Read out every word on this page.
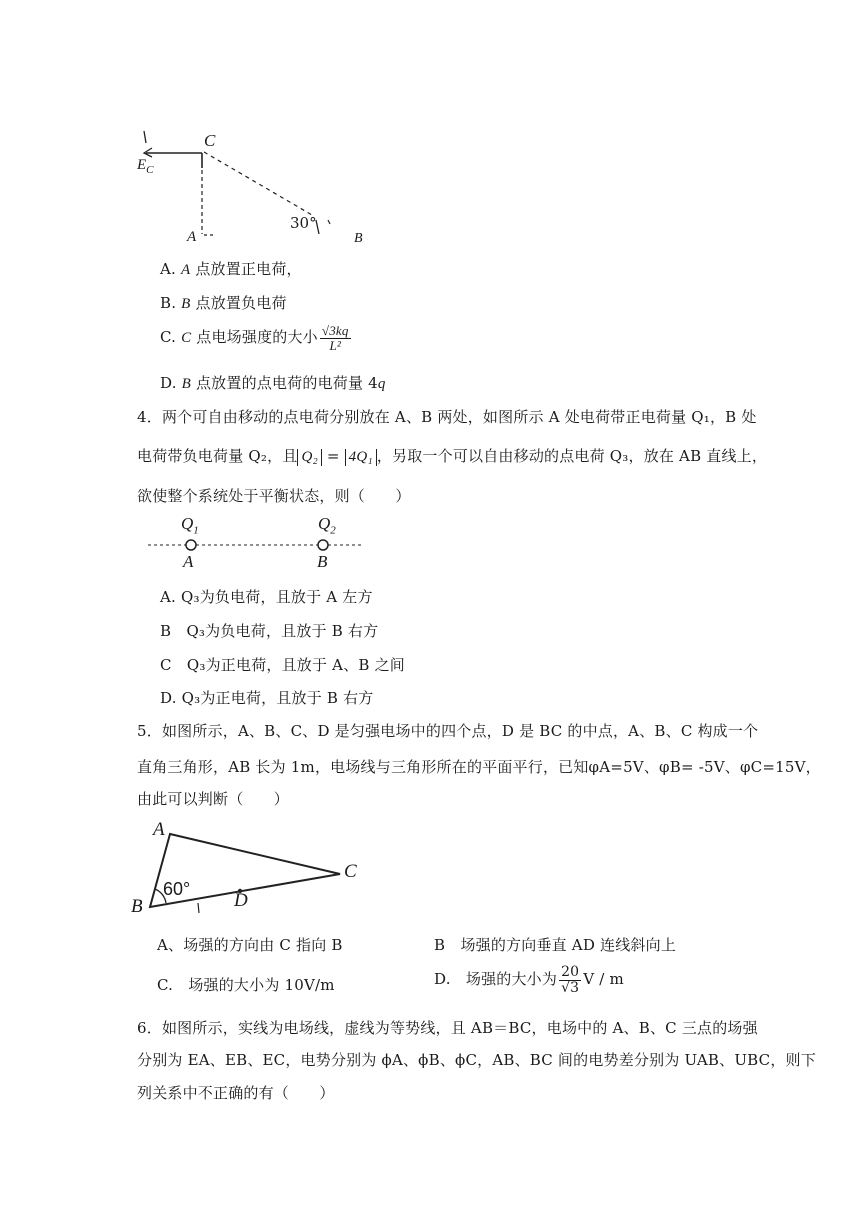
C
$E_C$
A	B
30°
A. A 点放置正电荷，
B. B 点放置负电荷
C. C 点电场强度的大小 $\frac{√3kq}{\text{L²}}$
D. B 点放置的点电荷的电荷量 4q
4．两个可自由移动的点电荷分别放在 A、B 两处，如图所示 A 处电荷带正电荷量 Q₁，B 处
电荷带负电荷量 Q₂，且 Q₂ = 4Q₁ ，另取一个可以自由移动的点电荷 Q₃，放在 AB 直线上，
欲使整个系统处于平衡状态，则（　　）
$Q_1$	$Q_2$
A	B
A. Q₃为负电荷，且放于 A 左方
B　 Q₃为负电荷，且放于 B 右方
C　 Q₃为正电荷，且放于 A、B 之间
D. Q₃为正电荷，且放于 B 右方
5．如图所示，A、B、C、D 是匀强电场中的四个点，D 是 BC 的中点，A、B、C 构成一个
直角三角形，AB 长为 1m，电场线与三角形所在的平面平行，已知φA=5V、φB= -5V、φC=15V，
由此可以判断（　　）
A
B
C
D
60°
A、场强的方向由 C 指向 B	B　 场强的方向垂直 AD 连线斜向上
C.　 场强的大小为 10V/m	D.　 场强的大小为 $\frac{20}{√3}$ V / m
6．如图所示，实线为电场线，虚线为等势线，且 AB＝BC，电场中的 A、B、C 三点的场强
分别为 EA、EB、EC，电势分别为 ϕA、ϕB、ϕC，AB、BC 间的电势差分别为 UAB、UBC，则下
列关系中不正确的有（　　）
